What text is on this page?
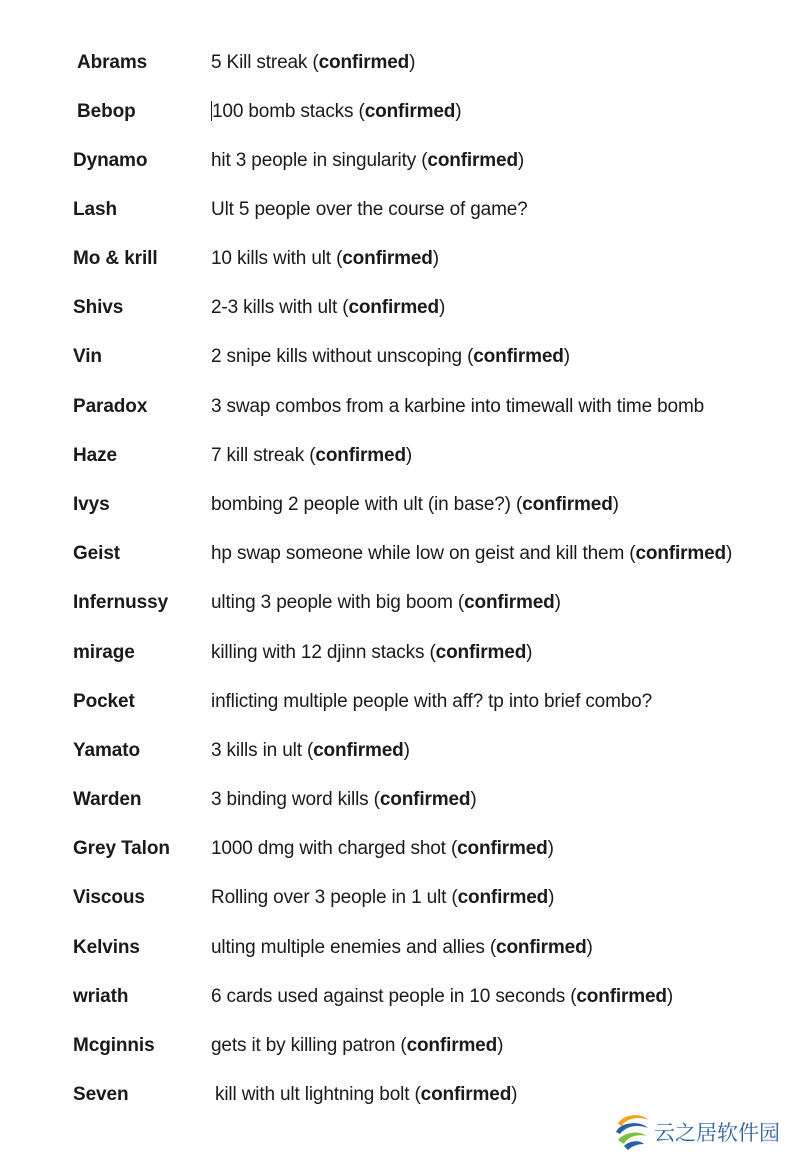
Abrams	5 Kill streak (confirmed)
Bebop	100 bomb stacks (confirmed)
Dynamo	hit 3 people in singularity (confirmed)
Lash	Ult 5 people over the course of game?
Mo & krill	10 kills with ult (confirmed)
Shivs	2-3 kills with ult (confirmed)
Vin	2 snipe kills without unscoping (confirmed)
Paradox	3 swap combos from a karbine into timewall with time bomb
Haze	7 kill streak (confirmed)
Ivys	bombing 2 people with ult (in base?) (confirmed)
Geist	hp swap someone while low on geist and kill them (confirmed)
Infernussy ulting 3 people with big boom (confirmed)
mirage	killing with 12 djinn stacks (confirmed)
Pocket	inflicting multiple people with aff? tp into brief combo?
Yamato	3 kills in ult (confirmed)
Warden	3 binding word kills (confirmed)
Grey Talon 1000 dmg with charged shot (confirmed)
Viscous	Rolling over 3 people in 1 ult (confirmed)
Kelvins	ulting multiple enemies and allies (confirmed)
wriath	6 cards used against people in 10 seconds (confirmed)
Mcginnis	gets it by killing patron (confirmed)
Seven	kill with ult lightning bolt (confirmed)
云之居软件园
